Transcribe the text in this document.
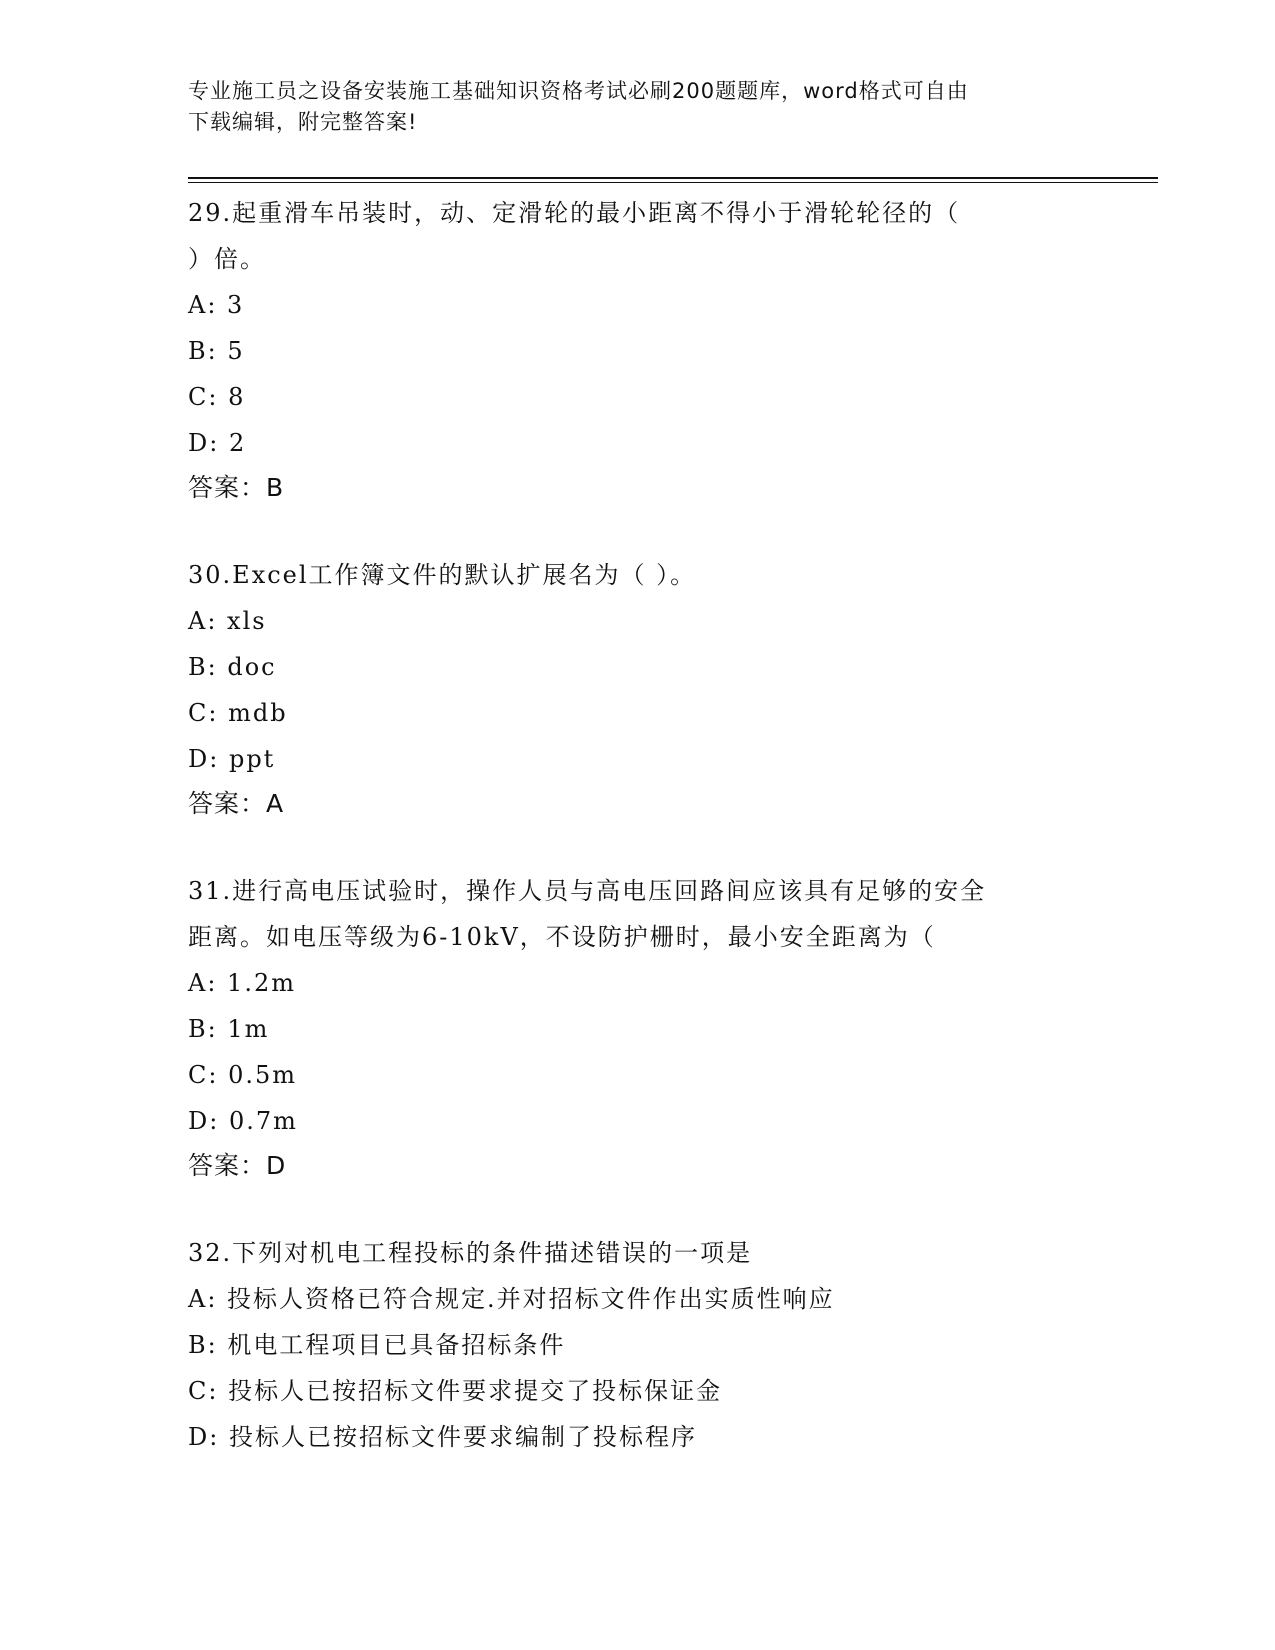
专业施工员之设备安装施工基础知识资格考试必刷200题题库，word格式可自由
下载编辑，附完整答案!
29.起重滑车吊装时，动、定滑轮的最小距离不得小于滑轮轮径的（
）倍。
A: 3
B: 5
C: 8
D: 2
答案：B
30.Excel工作簿文件的默认扩展名为（ ）。
A: xls
B: doc
C: mdb
D: ppt
答案：A
31.进行高电压试验时，操作人员与高电压回路间应该具有足够的安全
距离。如电压等级为6-10kV，不设防护栅时，最小安全距离为（
A: 1.2m
B: 1m
C: 0.5m
D: 0.7m
答案：D
32.下列对机电工程投标的条件描述错误的一项是
A: 投标人资格已符合规定.并对招标文件作出实质性响应
B: 机电工程项目已具备招标条件
C: 投标人已按招标文件要求提交了投标保证金
D: 投标人已按招标文件要求编制了投标程序
